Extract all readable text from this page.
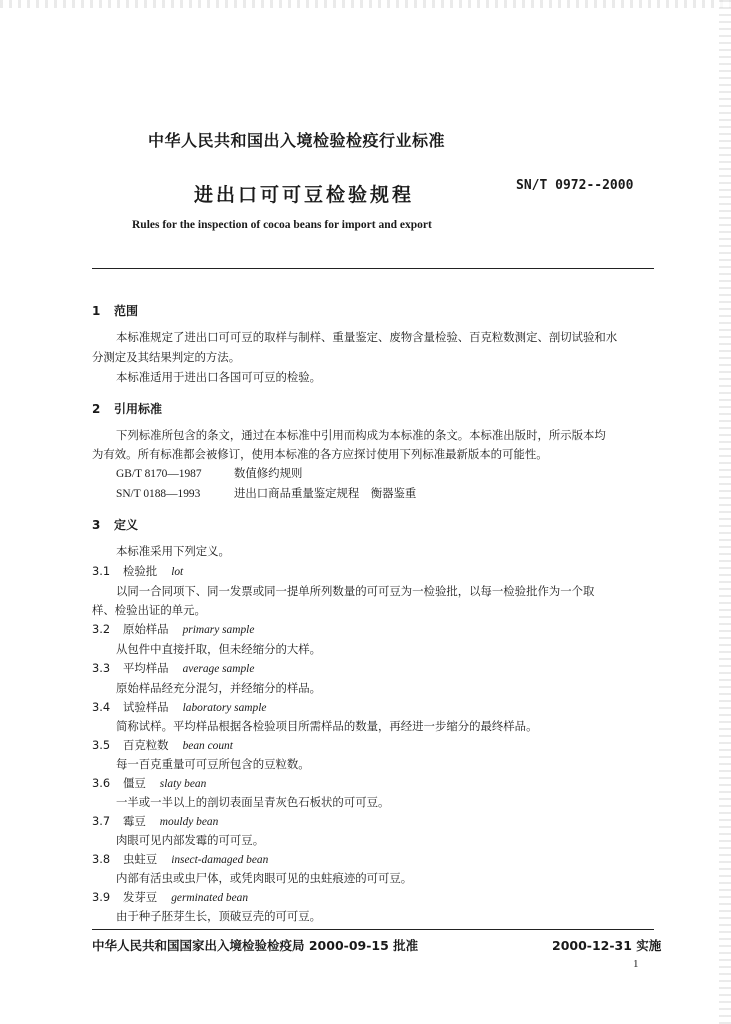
中华人民共和国出入境检验检疫行业标准
进出口可可豆检验规程	SN/T 0972--2000
Rules for the inspection of cocoa beans for import and export
1 范围
本标准规定了进出口可可豆的取样与制样、重量鉴定、废物含量检验、百克粒数测定、剖切试验和水
分测定及其结果判定的方法。
本标准适用于进出口各国可可豆的检验。
2 引用标准
下列标准所包含的条文，通过在本标准中引用而构成为本标准的条文。本标准出版时，所示版本均
为有效。所有标准都会被修订，使用本标准的各方应探讨使用下列标准最新版本的可能性。
GB/T 8170—1987	数值修约规则
SN/T 0188—1993	进出口商品重量鉴定规程　衡器鉴重
3 定义
本标准采用下列定义。
3.1 检验批 lot
以同一合同项下、同一发票或同一提单所列数量的可可豆为一检验批，以每一检验批作为一个取
样、检验出证的单元。
3.2 原始样品 primary sample
从包件中直接扦取，但未经缩分的大样。
3.3 平均样品 average sample
原始样品经充分混匀，并经缩分的样品。
3.4 试验样品 laboratory sample
简称试样。平均样品根据各检验项目所需样品的数量，再经进一步缩分的最终样品。
3.5 百克粒数 bean count
每一百克重量可可豆所包含的豆粒数。
3.6 僵豆 slaty bean
一半或一半以上的剖切表面呈青灰色石板状的可可豆。
3.7 霉豆 mouldy bean
肉眼可见内部发霉的可可豆。
3.8 虫蛀豆 insect-damaged bean
内部有活虫或虫尸体，或凭肉眼可见的虫蛀痕迹的可可豆。
3.9 发芽豆 germinated bean
由于种子胚芽生长，顶破豆壳的可可豆。
中华人民共和国国家出入境检验检疫局 2000-09-15 批准	2000-12-31 实施
1
